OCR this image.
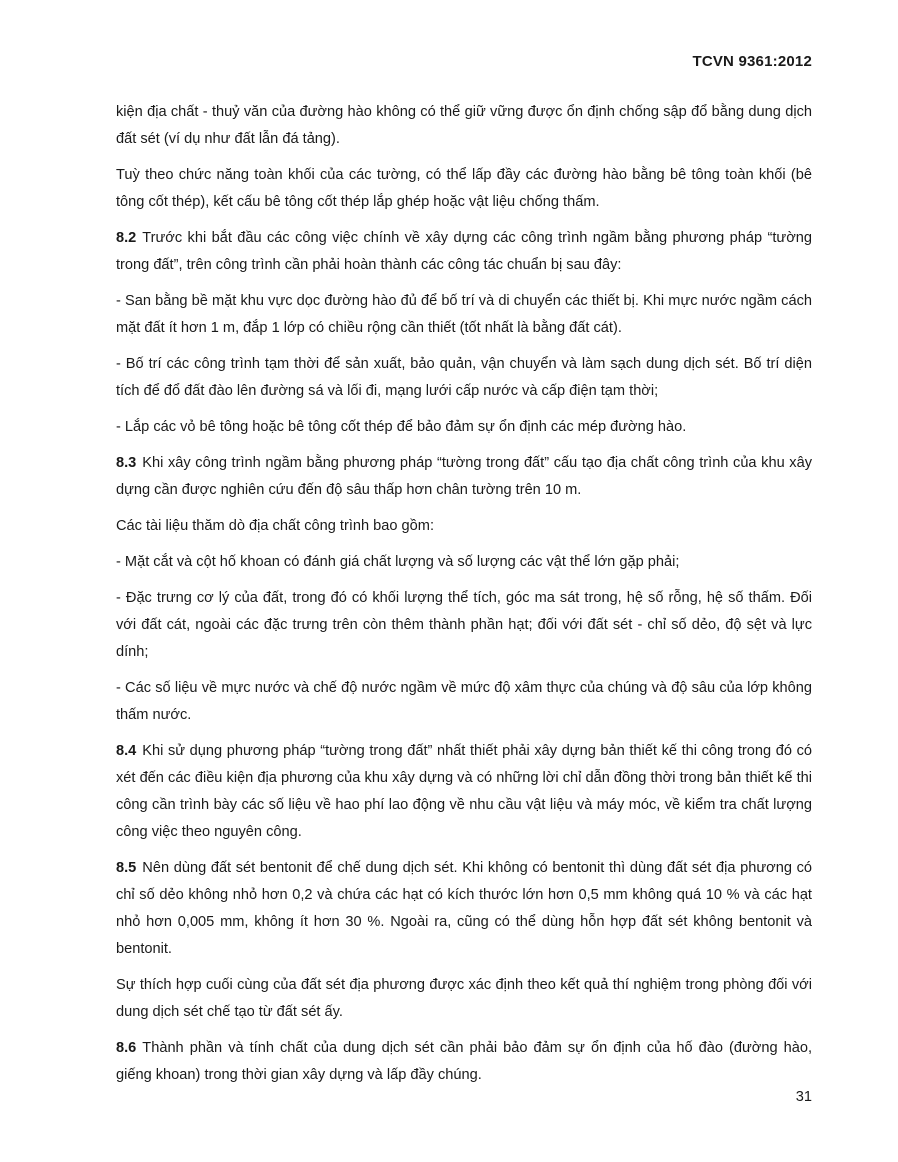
TCVN 9361:2012

kiện địa chất - thuỷ văn của đường hào không có thể giữ vững được ổn định chống sập đổ bằng dung dịch đất sét (ví dụ như đất lẫn đá tảng).

Tuỳ theo chức năng toàn khối của các tường, có thể lấp đầy các đường hào bằng bê tông toàn khối (bê tông cốt thép), kết cấu bê tông cốt thép lắp ghép hoặc vật liệu chống thấm.

8.2 Trước khi bắt đầu các công việc chính về xây dựng các công trình ngầm bằng phương pháp “tường trong đất”, trên công trình cần phải hoàn thành các công tác chuẩn bị sau đây:

- San bằng bề mặt khu vực dọc đường hào đủ để bố trí và di chuyển các thiết bị. Khi mực nước ngầm cách mặt đất ít hơn 1 m, đắp 1 lớp có chiều rộng cần thiết (tốt nhất là bằng đất cát).

- Bố trí các công trình tạm thời để sản xuất, bảo quản, vận chuyển và làm sạch dung dịch sét. Bố trí diện tích để đổ đất đào lên đường sá và lối đi, mạng lưới cấp nước và cấp điện tạm thời;

- Lắp các vỏ bê tông hoặc bê tông cốt thép để bảo đảm sự ổn định các mép đường hào.

8.3 Khi xây công trình ngầm bằng phương pháp “tường trong đất” cấu tạo địa chất công trình của khu xây dựng cần được nghiên cứu đến độ sâu thấp hơn chân tường trên 10 m.

Các tài liệu thăm dò địa chất công trình bao gồm:

- Mặt cắt và cột hố khoan có đánh giá chất lượng và số lượng các vật thể lớn gặp phải;

- Đặc trưng cơ lý của đất, trong đó có khối lượng thể tích, góc ma sát trong, hệ số rỗng, hệ số thấm. Đối với đất cát, ngoài các đặc trưng trên còn thêm thành phần hạt; đối với đất sét - chỉ số dẻo, độ sệt và lực dính;

- Các số liệu về mực nước và chế độ nước ngầm về mức độ xâm thực của chúng và độ sâu của lớp không thấm nước.

8.4 Khi sử dụng phương pháp “tường trong đất” nhất thiết phải xây dựng bản thiết kế thi công trong đó có xét đến các điều kiện địa phương của khu xây dựng và có những lời chỉ dẫn đồng thời trong bản thiết kế thi công cần trình bày các số liệu về hao phí lao động về nhu cầu vật liệu và máy móc, về kiểm tra chất lượng công việc theo nguyên công.

8.5 Nên dùng đất sét bentonit để chế dung dịch sét. Khi không có bentonit thì dùng đất sét địa phương có chỉ số dẻo không nhỏ hơn 0,2 và chứa các hạt có kích thước lớn hơn 0,5 mm không quá 10 % và các hạt nhỏ hơn 0,005 mm, không ít hơn 30 %. Ngoài ra, cũng có thể dùng hỗn hợp đất sét không bentonit và bentonit.

Sự thích hợp cuối cùng của đất sét địa phương được xác định theo kết quả thí nghiệm trong phòng đối với dung dịch sét chế tạo từ đất sét ấy.

8.6 Thành phần và tính chất của dung dịch sét cần phải bảo đảm sự ổn định của hố đào (đường hào, giếng khoan) trong thời gian xây dựng và lấp đầy chúng.

31
